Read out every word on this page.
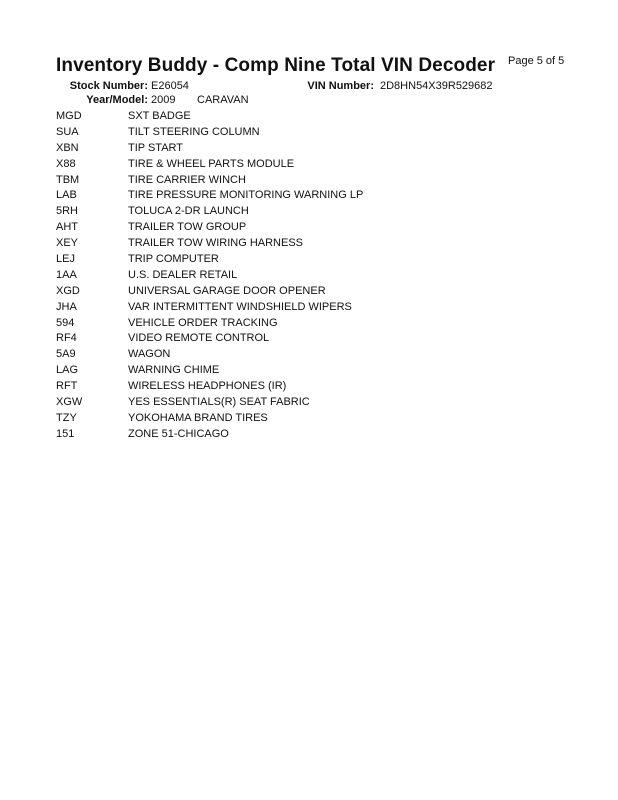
Inventory Buddy - Comp Nine Total VIN Decoder Page 5 of 5
Stock Number: E26054	VIN Number: 2D8HN54X39R529682
Year/Model: 2009 CARAVAN
MGD	SXT BADGE
SUA	TILT STEERING COLUMN
XBN	TIP START
X88	TIRE & WHEEL PARTS MODULE
TBM	TIRE CARRIER WINCH
LAB	TIRE PRESSURE MONITORING WARNING LP
5RH	TOLUCA 2-DR LAUNCH
AHT	TRAILER TOW GROUP
XEY	TRAILER TOW WIRING HARNESS
LEJ	TRIP COMPUTER
1AA	U.S. DEALER RETAIL
XGD	UNIVERSAL GARAGE DOOR OPENER
JHA	VAR INTERMITTENT WINDSHIELD WIPERS
594	VEHICLE ORDER TRACKING
RF4	VIDEO REMOTE CONTROL
5A9	WAGON
LAG	WARNING CHIME
RFT	WIRELESS HEADPHONES (IR)
XGW	YES ESSENTIALS(R) SEAT FABRIC
TZY	YOKOHAMA BRAND TIRES
151	ZONE 51-CHICAGO
